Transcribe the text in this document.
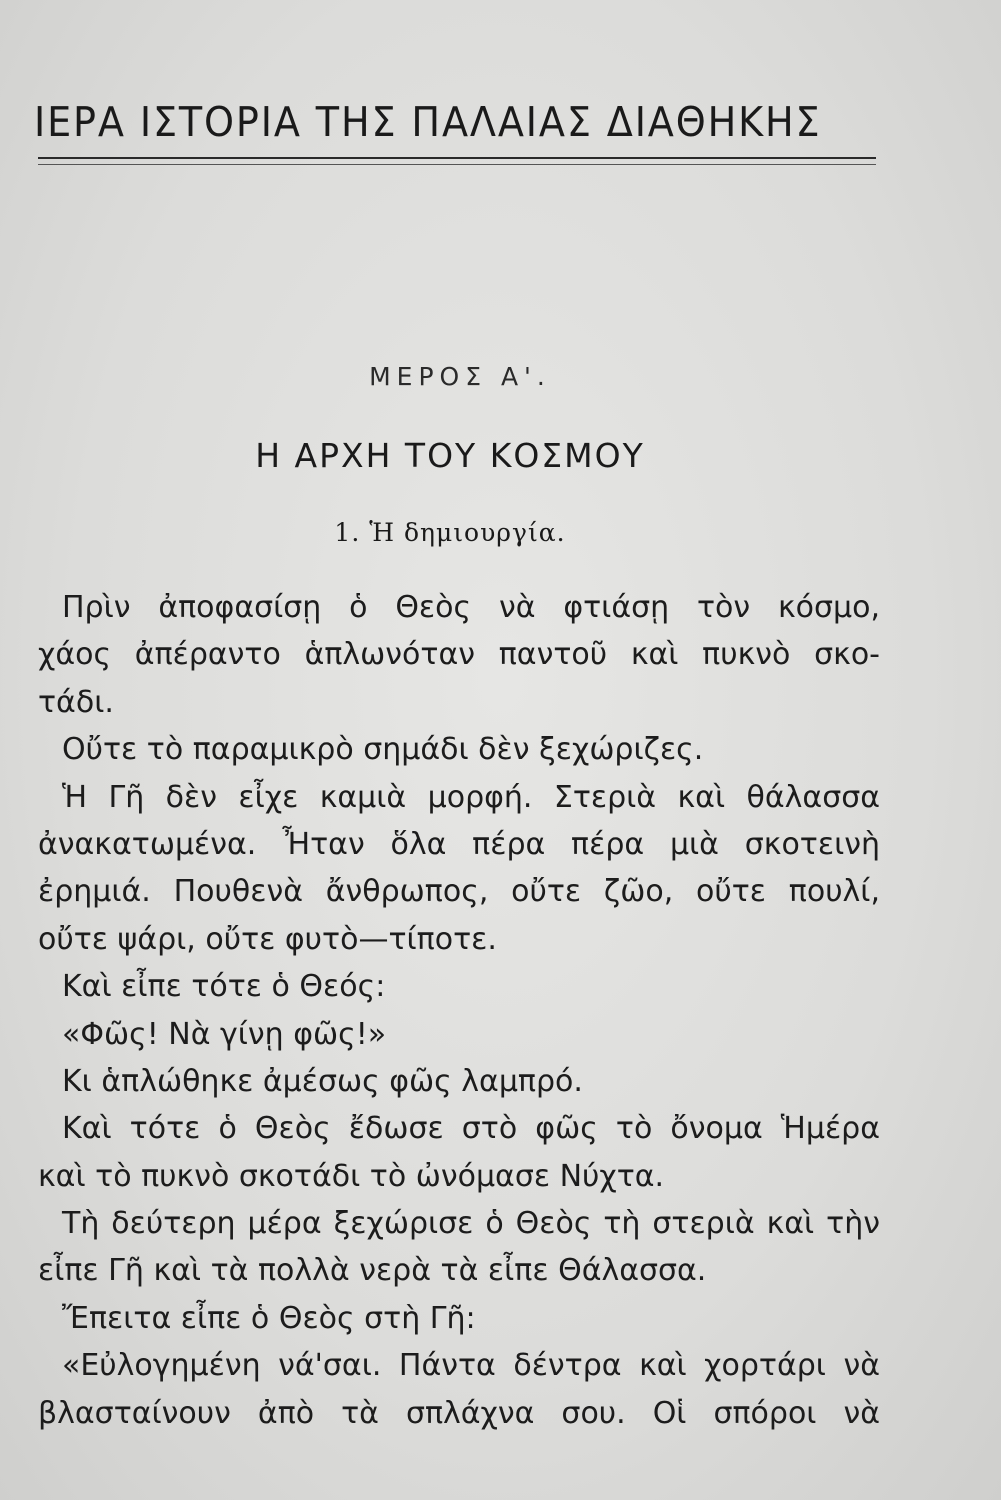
ΙΕΡΑ ΙΣΤΟΡΙΑ ΤΗΣ ΠΑΛΑΙΑΣ ΔΙΑΘΗΚΗΣ
ΜΕΡΟΣ Α'.
Η ΑΡΧΗ ΤΟΥ ΚΟΣΜΟΥ
1. Ἡ δημιουργία.
Πρὶν ἀποφασίσῃ ὁ Θεὸς νὰ φτιάσῃ τὸν κόσμο,
χάος ἀπέραντο ἁπλωνόταν παντοῦ καὶ πυκνὸ σκο-
τάδι.
Οὔτε τὸ παραμικρὸ σημάδι δὲν ξεχώριζες.
Ἡ Γῆ δὲν εἶχε καμιὰ μορφή. Στεριὰ καὶ θάλασσα
ἀνακατωμένα. Ἦταν ὅλα πέρα πέρα μιὰ σκοτεινὴ
ἐρημιά. Πουθενὰ ἄνθρωπος, οὔτε ζῶο, οὔτε πουλί,
οὔτε ψάρι, οὔτε φυτὸ—τίποτε.
Καὶ εἶπε τότε ὁ Θεός:
«Φῶς! Νὰ γίνῃ φῶς!»
Κι ἁπλώθηκε ἀμέσως φῶς λαμπρό.
Καὶ τότε ὁ Θεὸς ἔδωσε στὸ φῶς τὸ ὄνομα Ἡμέρα
καὶ τὸ πυκνὸ σκοτάδι τὸ ὠνόμασε Νύχτα.
Τὴ δεύτερη μέρα ξεχώρισε ὁ Θεὸς τὴ στεριὰ καὶ τὴν
εἶπε Γῆ καὶ τὰ πολλὰ νερὰ τὰ εἶπε Θάλασσα.
Ἔπειτα εἶπε ὁ Θεὸς στὴ Γῆ:
«Εὐλογημένη νά'σαι. Πάντα δέντρα καὶ χορτάρι νὰ
βλασταίνουν ἀπὸ τὰ σπλάχνα σου. Οἱ σπόροι νὰ
